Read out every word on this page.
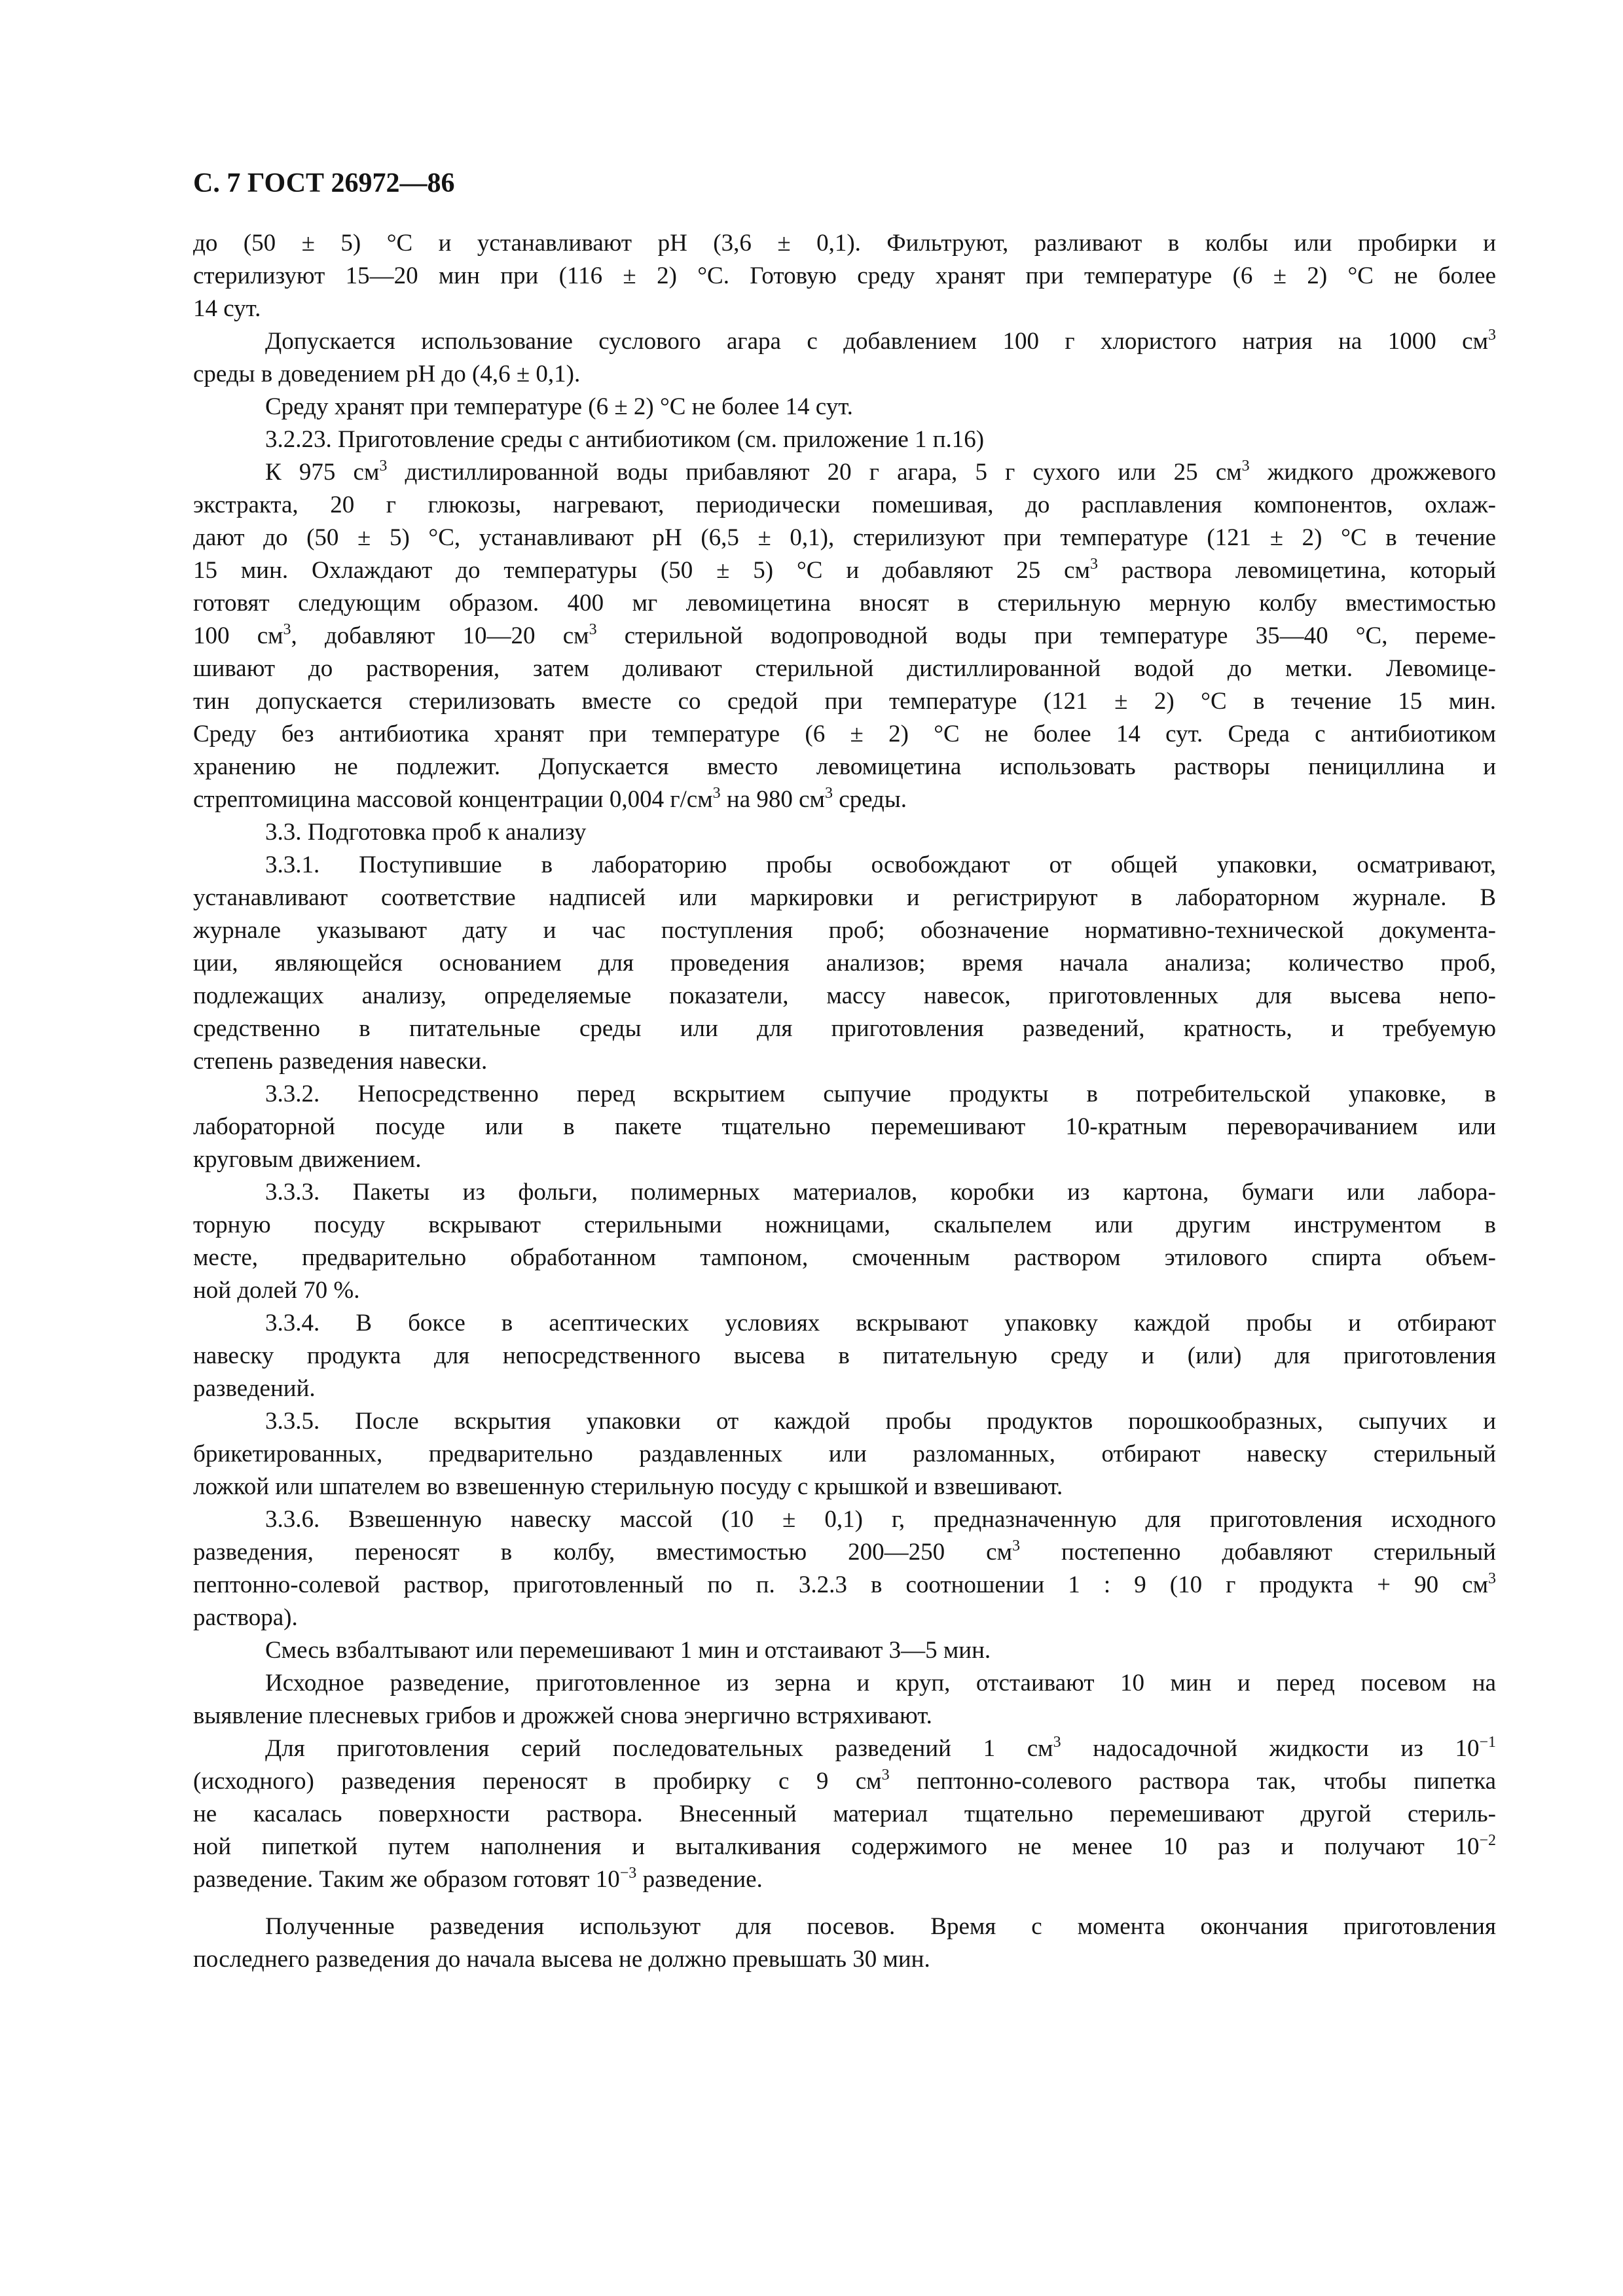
С. 7 ГОСТ 26972—86
до (50 ± 5) °С и устанавливают рН (3,6 ± 0,1). Фильтруют, разливают в колбы или пробирки и
стерилизуют 15—20 мин при (116 ± 2) °С. Готовую среду хранят при температуре (6 ± 2) °С не более
14 сут.
Допускается использование суслового агара с добавлением 100 г хлористого натрия на 1000 $см^3$
среды в доведением рН до (4,6 ± 0,1).
Среду хранят при температуре (6 ± 2) °С не более 14 сут.
3.2.23. Приготовление среды с антибиотиком (см. приложение 1 п.16)
К 975 $см^3$ дистиллированной воды прибавляют 20 г агара, 5 г сухого или 25 $см^3$ жидкого дрожжевого
экстракта, 20 г глюкозы, нагревают, периодически помешивая, до расплавления компонентов, охлаж-
дают до (50 ± 5) °С, устанавливают рН (6,5 ± 0,1), стерилизуют при температуре (121 ± 2) °С в течение
15 мин. Охлаждают до температуры (50 ± 5) °С и добавляют 25 $см^3$ раствора левомицетина, который
готовят следующим образом. 400 мг левомицетина вносят в стерильную мерную колбу вместимостью
100 $см^3$, добавляют 10—20 $см^3$ стерильной водопроводной воды при температуре 35—40 °С, переме-
шивают до растворения, затем доливают стерильной дистиллированной водой до метки. Левомице-
тин допускается стерилизовать вместе со средой при температуре (121 ± 2) °С в течение 15 мин.
Среду без антибиотика хранят при температуре (6 ± 2) °С не более 14 сут. Среда с антибиотиком
хранению не подлежит. Допускается вместо левомицетина использовать растворы пенициллина и
стрептомицина массовой концентрации 0,004 $г/см^3$ на 980 $см^3$ среды.
3.3. Подготовка проб к анализу
3.3.1. Поступившие в лабораторию пробы освобождают от общей упаковки, осматривают,
устанавливают соответствие надписей или маркировки и регистрируют в лабораторном журнале. В
журнале указывают дату и час поступления проб; обозначение нормативно-технической документа-
ции, являющейся основанием для проведения анализов; время начала анализа; количество проб,
подлежащих анализу, определяемые показатели, массу навесок, приготовленных для высева непо-
средственно в питательные среды или для приготовления разведений, кратность, и требуемую
степень разведения навески.
3.3.2. Непосредственно перед вскрытием сыпучие продукты в потребительской упаковке, в
лабораторной посуде или в пакете тщательно перемешивают 10-кратным переворачиванием или
круговым движением.
3.3.3. Пакеты из фольги, полимерных материалов, коробки из картона, бумаги или лабора-
торную посуду вскрывают стерильными ножницами, скальпелем или другим инструментом в
месте, предварительно обработанном тампоном, смоченным раствором этилового спирта объем-
ной долей 70 %.
3.3.4. В боксе в асептических условиях вскрывают упаковку каждой пробы и отбирают
навеску продукта для непосредственного высева в питательную среду и (или) для приготовления
разведений.
3.3.5. После вскрытия упаковки от каждой пробы продуктов порошкообразных, сыпучих и
брикетированных, предварительно раздавленных или разломанных, отбирают навеску стерильный
ложкой или шпателем во взвешенную стерильную посуду с крышкой и взвешивают.
3.3.6. Взвешенную навеску массой (10 ± 0,1) г, предназначенную для приготовления исходного
разведения, переносят в колбу, вместимостью 200—250 $см^3$ постепенно добавляют стерильный
пептонно-солевой раствор, приготовленный по п. 3.2.3 в соотношении 1 : 9 (10 г продукта + 90 $см^3$
раствора).
Смесь взбалтывают или перемешивают 1 мин и отстаивают 3—5 мин.
Исходное разведение, приготовленное из зерна и круп, отстаивают 10 мин и перед посевом на
выявление плесневых грибов и дрожжей снова энергично встряхивают.
Для приготовления серий последовательных разведений 1 $см^3$ надосадочной жидкости из $10^{-1}$
(исходного) разведения переносят в пробирку с 9 $см^3$ пептонно-солевого раствора так, чтобы пипетка
не касалась поверхности раствора. Внесенный материал тщательно перемешивают другой стериль-
ной пипеткой путем наполнения и выталкивания содержимого не менее 10 раз и получают $10^{-2}$
разведение. Таким же образом готовят $10^{-3}$ разведение.
Полученные разведения используют для посевов. Время с момента окончания приготовления
последнего разведения до начала высева не должно превышать 30 мин.
